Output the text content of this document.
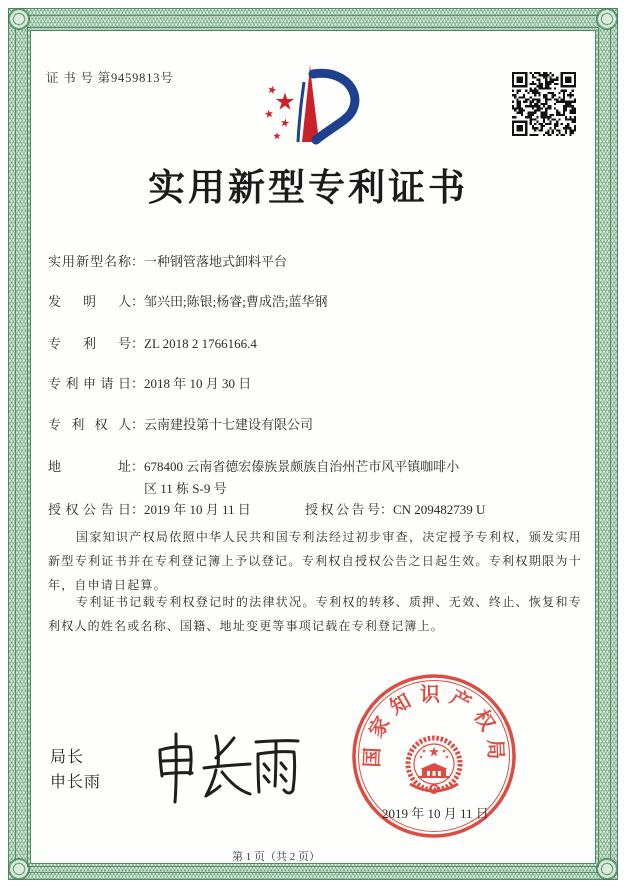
证 书 号 第9459813号
实用新型专利证书
实用新型名称 ： 一种钢管落地式卸料平台
发 明 人 ： 邹兴田;陈银;杨睿;曹成浩;蓝华钢
专 利 号 ： ZL 2018 2 1766166.4
专利申请日 ： 2018 年 10 月 30 日
专 利 权 人 ： 云南建投第十七建设有限公司
地 址 ： 678400 云南省德宏傣族景颇族自治州芒市风平镇咖啡小
区 11 栋 S-9 号
授权公告日 ： 2019 年 10 月 11 日	授权公告号 ： CN 209482739 U
国家知识产权局依照中华人民共和国专利法经过初步审查，决定授予专利权，颁发实用新型专利证书并在专利登记簿上予以登记。专利权自授权公告之日起生效。专利权期限为十年，自申请日起算。
专利证书记载专利权登记时的法律状况。专利权的转移、质押、无效、终止、恢复和专利权人的姓名或名称、国籍、地址变更等事项记载在专利登记簿上。
局长
申长雨
国家知识产权局
2019 年 10 月 11 日
第 1 页（共 2 页）
